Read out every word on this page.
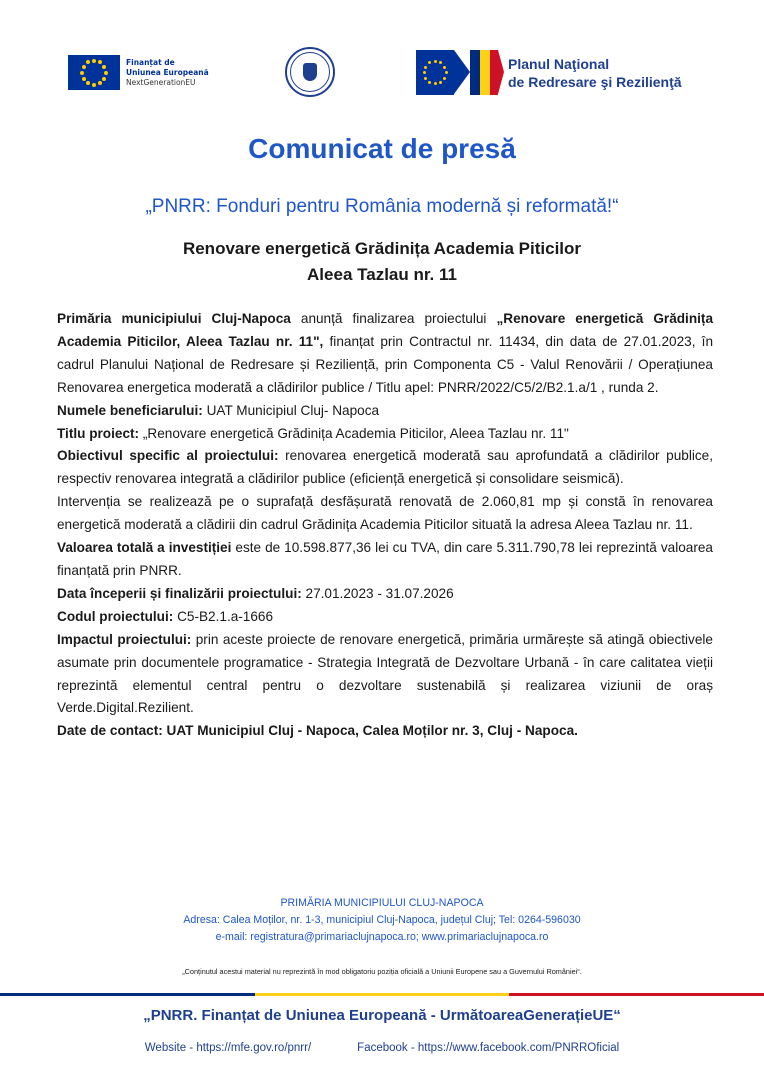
Finanțat de
Uniunea Europeană
NextGenerationEU
Planul Naţional
de Redresare şi Rezilienţă
Comunicat de presă
„PNRR: Fonduri pentru România modernă și reformată!“
Renovare energetică Grădinița Academia Piticilor
Aleea Tazlau nr. 11

Primăria municipiului Cluj-Napoca anunță finalizarea proiectului „Renovare energetică Grădinița Academia Piticilor, Aleea Tazlau nr. 11", finanțat prin Contractul nr. 11434, din data de 27.01.2023, în cadrul Planului Național de Redresare și Reziliență, prin Componenta C5 - Valul Renovării / Operațiunea Renovarea energetica moderată a clădirilor publice / Titlu apel: PNRR/2022/C5/2/B2.1.a/1 , runda 2.

Numele beneficiarului: UAT Municipiul Cluj- Napoca

Titlu proiect: „Renovare energetică Grădinița Academia Piticilor, Aleea Tazlau nr. 11"

Obiectivul specific al proiectului: renovarea energetică moderată sau aprofundată a clădirilor publice, respectiv renovarea integrată a clădirilor publice (eficiență energetică și consolidare seismică).

Intervenția se realizează pe o suprafață desfășurată renovată de 2.060,81 mp și constă în renovarea energetică moderată a clădirii din cadrul Grădinița Academia Piticilor situată la adresa Aleea Tazlau nr. 11.

Valoarea totală a investiției este de 10.598.877,36 lei cu TVA, din care 5.311.790,78 lei reprezintă valoarea finanțată prin PNRR.

Data începerii și finalizării proiectului: 27.01.2023 - 31.07.2026

Codul proiectului: C5-B2.1.a-1666

Impactul proiectului: prin aceste proiecte de renovare energetică, primăria urmărește să atingă obiectivele asumate prin documentele programatice - Strategia Integrată de Dezvoltare Urbană - în care calitatea vieții reprezintă elementul central pentru o dezvoltare sustenabilă și realizarea viziunii de oraș Verde.Digital.Rezilient.

Date de contact: UAT Municipiul Cluj - Napoca, Calea Moților nr. 3, Cluj - Napoca.

PRIMĂRIA MUNICIPIULUI CLUJ-NAPOCA
Adresa: Calea Moților, nr. 1-3, municipiul Cluj-Napoca, județul Cluj; Tel: 0264-596030
e-mail: registratura@primariaclujnapoca.ro; www.primariaclujnapoca.ro
„Conținutul acestui material nu reprezintă în mod obligatoriu poziția oficială a Uniunii Europene sau a Guvernului României“.
„PNRR. Finanțat de Uniunea Europeană - UrmătoareaGenerațieUE“
Website - https://mfe.gov.ro/pnrr/	Facebook - https://www.facebook.com/PNRROficial
